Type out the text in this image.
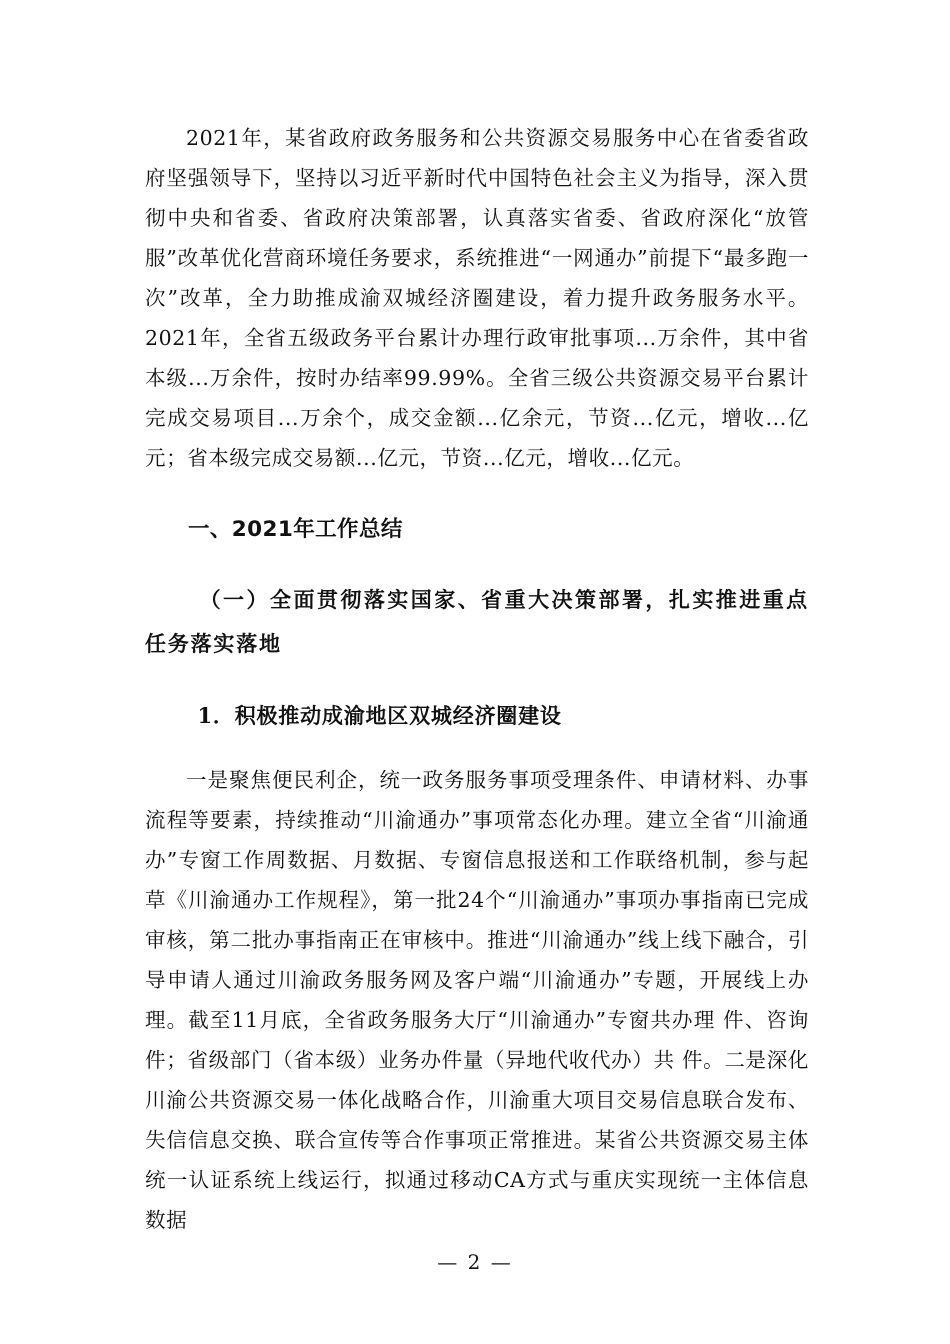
2021年，某省政府政务服务和公共资源交易服务中心在省委省政府坚强领导下，坚持以习近平新时代中国特色社会主义为指导，深入贯彻中央和省委、省政府决策部署，认真落实省委、省政府深化“放管服”改革优化营商环境任务要求，系统推进“一网通办”前提下“最多跑一次”改革，全力助推成渝双城经济圈建设，着力提升政务服务水平。2021年，全省五级政务平台累计办理行政审批事项...万余件，其中省本级...万余件，按时办结率99.99%。全省三级公共资源交易平台累计完成交易项目...万余个，成交金额...亿余元，节资...亿元，增收...亿元；省本级完成交易额...亿元，节资...亿元，增收...亿元。

一、2021年工作总结
（一）全面贯彻落实国家、省重大决策部署，扎实推进重点任务落实落地
1．积极推动成渝地区双城经济圈建设

一是聚焦便民利企，统一政务服务事项受理条件、申请材料、办事流程等要素，持续推动“川渝通办”事项常态化办理。建立全省“川渝通办”专窗工作周数据、月数据、专窗信息报送和工作联络机制，参与起草《川渝通办工作规程》，第一批24个“川渝通办”事项办事指南已完成审核，第二批办事指南正在审核中。推进“川渝通办”线上线下融合，引导申请人通过川渝政务服务网及客户端“川渝通办”专题，开展线上办理。截至11月底，全省政务服务大厅“川渝通办”专窗共办理 件、咨询 件；省级部门（省本级）业务办件量（异地代收代办）共 件。二是深化川渝公共资源交易一体化战略合作，川渝重大项目交易信息联合发布、失信信息交换、联合宣传等合作事项正常推进。某省公共资源交易主体统一认证系统上线运行，拟通过移动CA方式与重庆实现统一主体信息数据

— 2 —
